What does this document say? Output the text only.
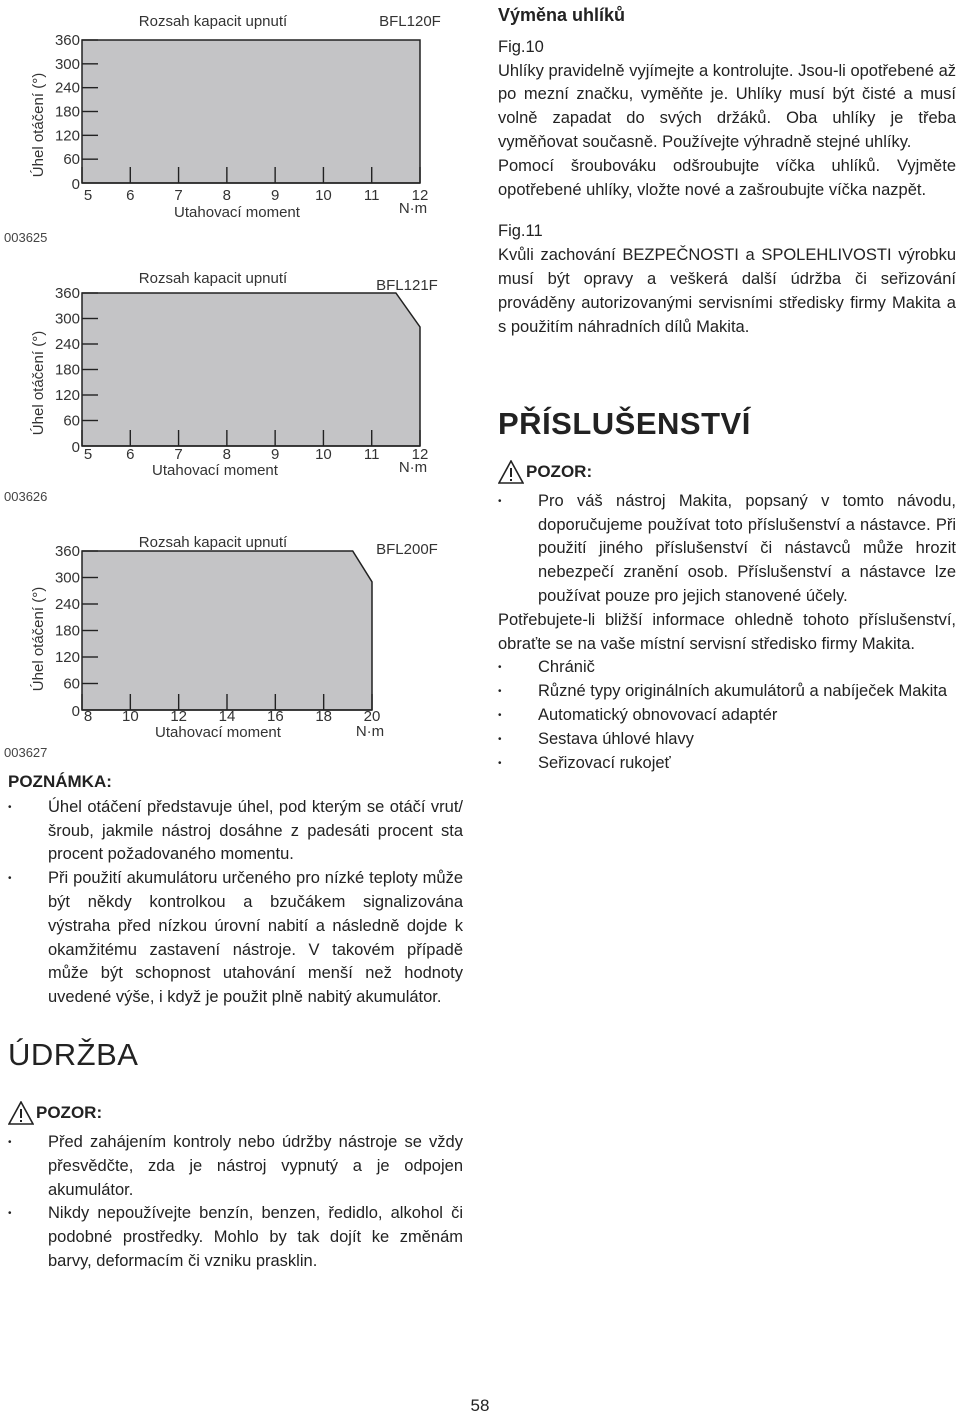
Rozsah kapacit upnutí	BFL120F
Úhel otáčení (°)
Utahovací moment	N·m
360
300
240
180
120
60
0
5 6	7	8	9 10 11 12
003625
Rozsah kapacit upnutí	BFL121F
Úhel otáčení (°)
Utahovací moment	N·m
360
300
240
180
120
60
0 5 6	7	8	9 10 11 12
003626
Rozsah kapacit upnutí	BFL200F
Úhel otáčení (°)
Utahovací moment	N·m
360
300
240
180
120
60
0 8 10 12 14 16 18 20
003627
POZNÁMKA:
• Úhel otáčení představuje úhel, pod kterým se otáčí vrut/šroub, jakmile nástroj dosáhne z padesáti procent sta procent požadovaného momentu.
• Při použití akumulátoru určeného pro nízké teploty může být někdy kontrolkou a bzučákem signalizována výstraha před nízkou úrovní nabití a následně dojde k okamžitému zastavení nástroje. V takovém případě může být schopnost utahování menší než hodnoty uvedené výše, i když je použit plně nabitý akumulátor.
ÚDRŽBA
POZOR:
• Před zahájením kontroly nebo údržby nástroje se vždy přesvědčte, zda je nástroj vypnutý a je odpojen akumulátor.
• Nikdy nepoužívejte benzín, benzen, ředidlo, alkohol či podobné prostředky. Mohlo by tak dojít ke změnám barvy, deformacím či vzniku prasklin.
Výměna uhlíků

Fig.10

Uhlíky pravidelně vyjímejte a kontrolujte. Jsou-li opotřebené až po mezní značku, vyměňte je. Uhlíky musí být čisté a musí volně zapadat do svých držáků. Oba uhlíky je třeba vyměňovat současně. Používejte výhradně stejné uhlíky.

Pomocí šroubováku odšroubujte víčka uhlíků. Vyjměte opotřebené uhlíky, vložte nové a zašroubujte víčka nazpět.

Fig.11

Kvůli zachování BEZPEČNOSTI a SPOLEHLIVOSTI výrobku musí být opravy a veškerá další údržba či seřizování prováděny autorizovanými servisními středisky firmy Makita a s použitím náhradních dílů Makita.

PŘÍSLUŠENSTVÍ
POZOR:
• Pro váš nástroj Makita, popsaný v tomto návodu, doporučujeme používat toto příslušenství a nástavce. Při použití jiného příslušenství či nástavců může hrozit nebezpečí zranění osob. Příslušenství a nástavce lze používat pouze pro jejich stanovené účely.

Potřebujete-li bližší informace ohledně tohoto příslušenství, obraťte se na vaše místní servisní středisko firmy Makita.

• Chránič
• Různé typy originálních akumulátorů a nabíječek Makita
• Automatický obnovovací adaptér
• Sestava úhlové hlavy
• Seřizovací rukojeť
58
